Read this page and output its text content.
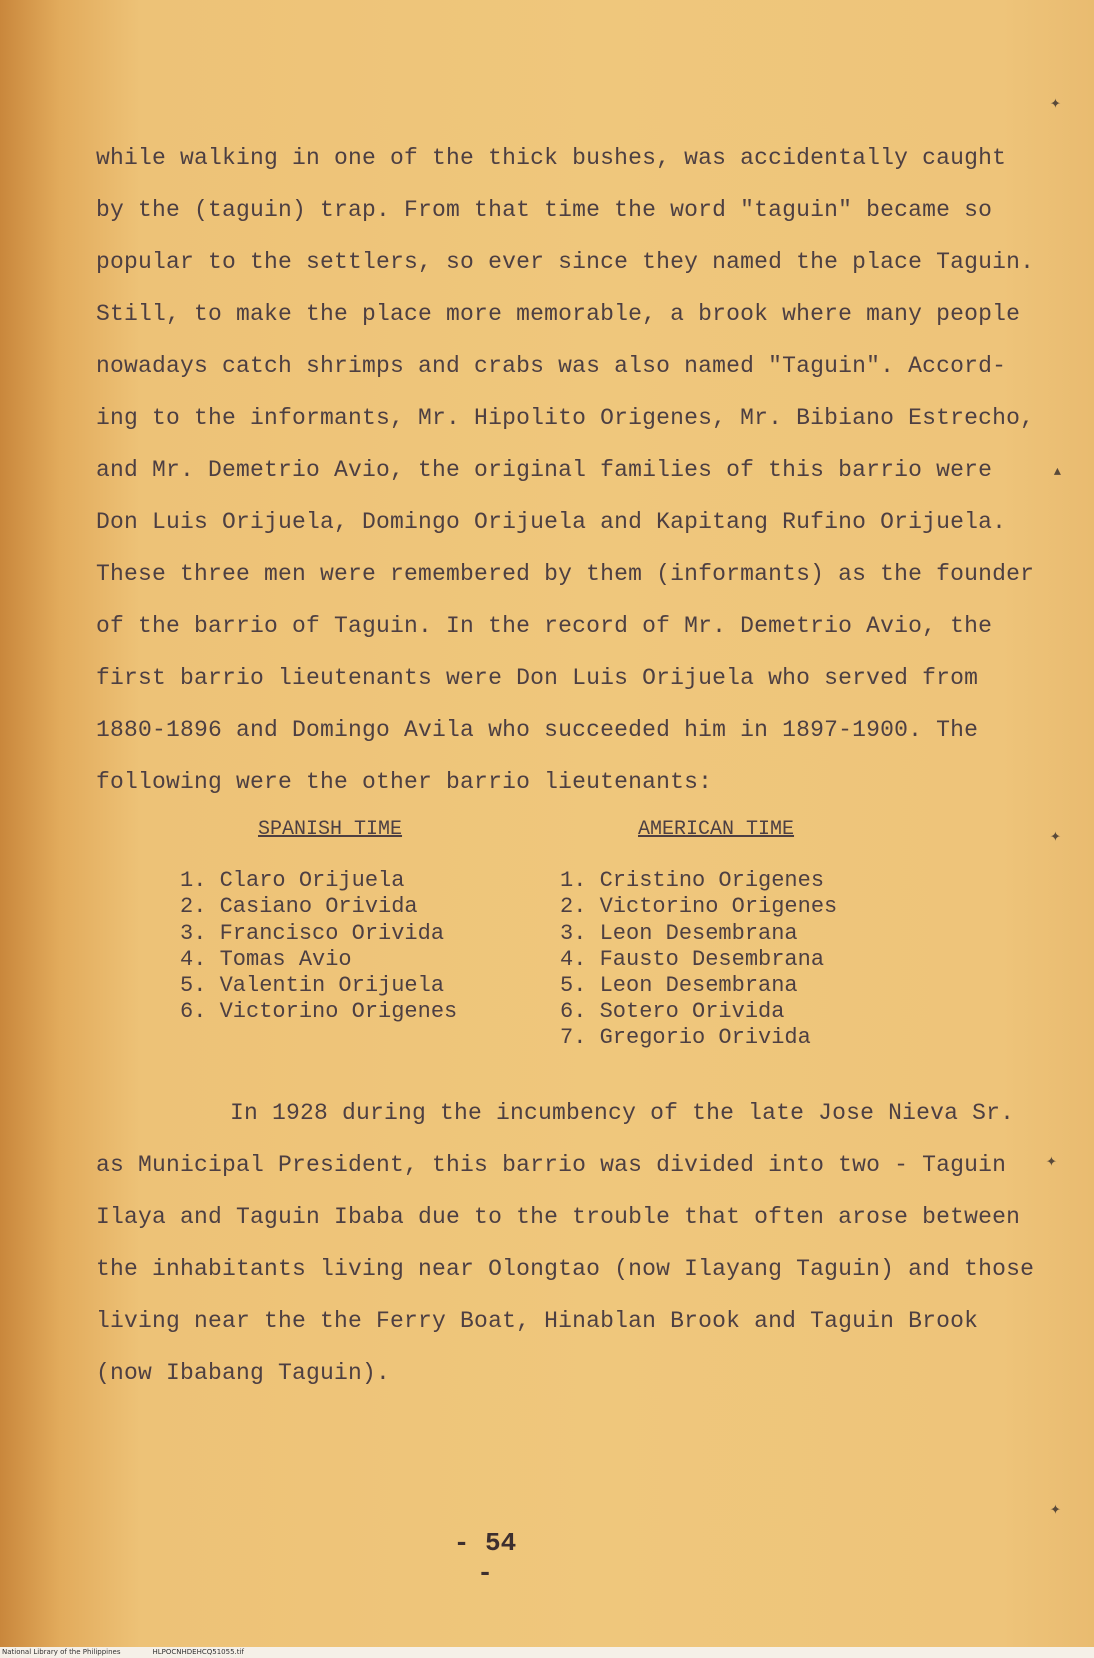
while walking in one of the thick bushes, was accidentally caught
by the (taguin) trap. From that time the word "taguin" became so
popular to the settlers, so ever since they named the place Taguin.
Still, to make the place more memorable, a brook where many people
nowadays catch shrimps and crabs was also named "Taguin". Accord-
ing to the informants, Mr. Hipolito Origenes, Mr. Bibiano Estrecho,
and Mr. Demetrio Avio, the original families of this barrio were
Don Luis Orijuela, Domingo Orijuela and Kapitang Rufino Orijuela.
These three men were remembered by them (informants) as the founder
of the barrio of Taguin. In the record of Mr. Demetrio Avio, the
first barrio lieutenants were Don Luis Orijuela who served from
1880-1896 and Domingo Avila who succeeded him in 1897-1900. The
following were the other barrio lieutenants:
SPANISH TIME	AMERICAN TIME
1. Claro Orijuela
2. Casiano Orivida
3. Francisco Orivida
4. Tomas Avio
5. Valentin Orijuela
6. Victorino Origenes
1. Cristino Origenes
2. Victorino Origenes
3. Leon Desembrana
4. Fausto Desembrana
5. Leon Desembrana
6. Sotero Orivida
7. Gregorio Orivida
In 1928 during the incumbency of the late Jose Nieva Sr.
as Municipal President, this barrio was divided into two - Taguin
Ilaya and Taguin Ibaba due to the trouble that often arose between
the inhabitants living near Olongtao (now Ilayang Taguin) and those
living near the the Ferry Boat, Hinablan Brook and Taguin Brook
(now Ibabang Taguin).
- 54 -
✦
▴
✦
✦
✦
National Library of the Philippines	HLPOCNHDEHCQ51055.tif
